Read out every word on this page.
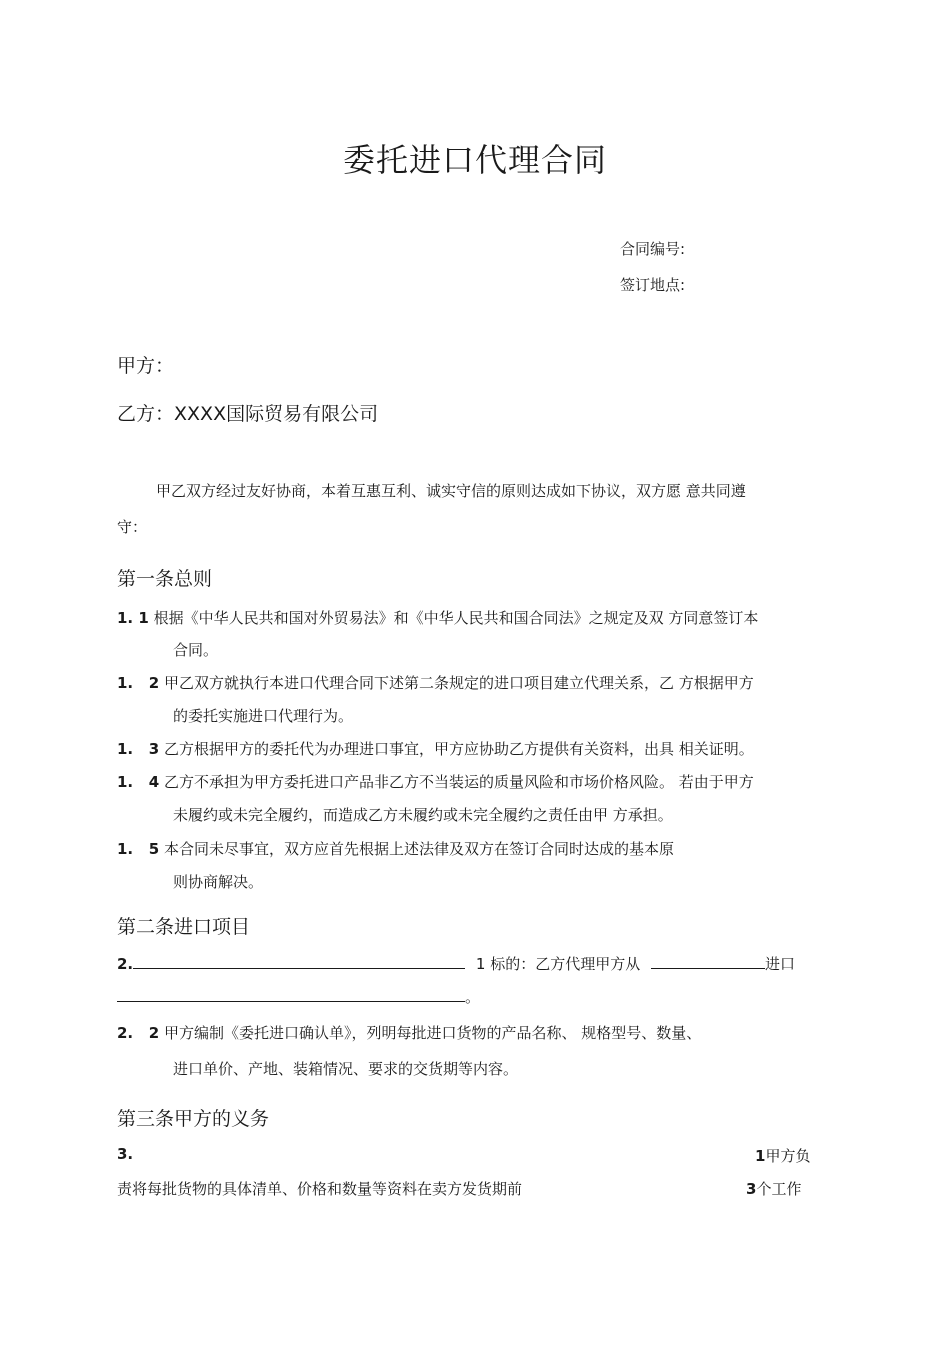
委托进口代理合同
合同编号:
签订地点:
甲方：
乙方：XXXX国际贸易有限公司
甲乙双方经过友好协商，本着互惠互利、诚实守信的原则达成如下协议，双方愿 意共同遵
守：
第一条总则
1. 1 根据《中华人民共和国对外贸易法》和《中华人民共和国合同法》之规定及双 方同意签订本
合同。
1.   2 甲乙双方就执行本进口代理合同下述第二条规定的进口项目建立代理关系，乙 方根据甲方
的委托实施进口代理行为。
1.   3 乙方根据甲方的委托代为办理进口事宜，甲方应协助乙方提供有关资料，出具 相关证明。
1.   4 乙方不承担为甲方委托进口产品非乙方不当装运的质量风险和市场价格风险。 若由于甲方
未履约或未完全履约，而造成乙方未履约或未完全履约之责任由甲 方承担。
1.   5 本合同未尽事宜，双方应首先根据上述法律及双方在签订合同时达成的基本原
则协商解决。
第二条进口项目
2.	1 标的：乙方代理甲方从	进口
。
2.   2 甲方编制《委托进口确认单》，列明每批进口货物的产品名称、 规格型号、数量、
进口单价、产地、装箱情况、要求的交货期等内容。
第三条甲方的义务
3.	1甲方负
责将每批货物的具体清单、价格和数量等资料在卖方发货期前	3个工作
